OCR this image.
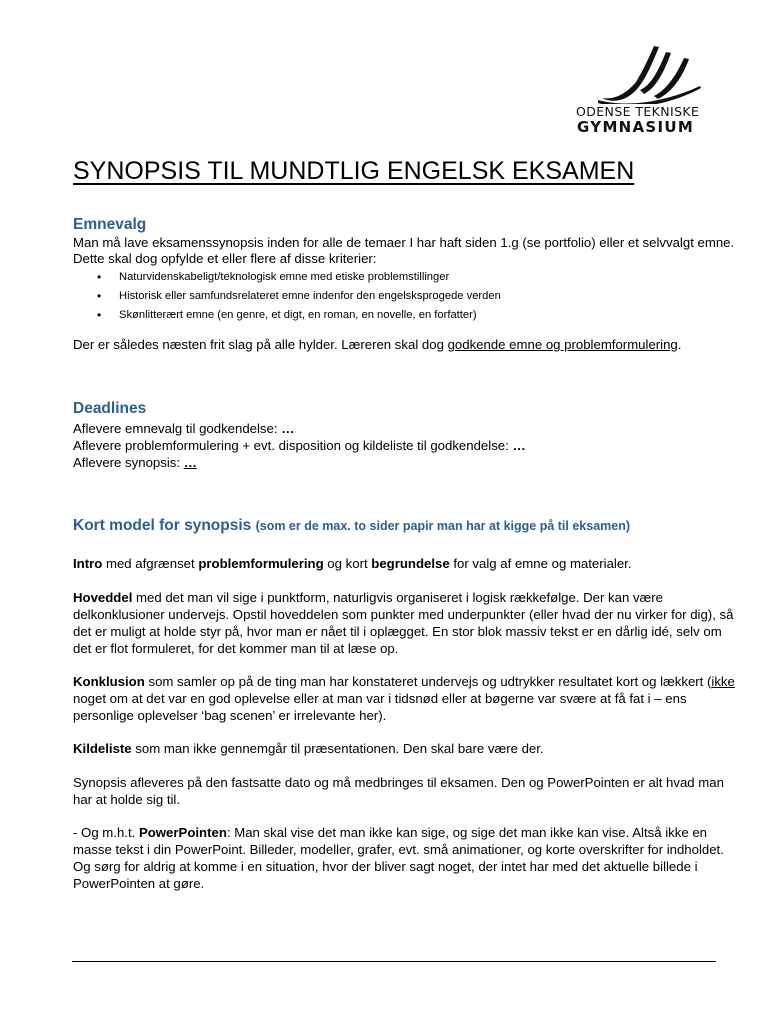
ODENSE TEKNISKE
GYMNASIUM
SYNOPSIS TIL MUNDTLIG ENGELSK EKSAMEN
Emnevalg
Man må lave eksamenssynopsis inden for alle de temaer I har haft siden 1.g (se portfolio) eller et selvvalgt emne.
Dette skal dog opfylde et eller flere af disse kriterier:
• Naturvidenskabeligt/teknologisk emne med etiske problemstillinger
• Historisk eller samfundsrelateret emne indenfor den engelsksprogede verden
• Skønlitterært emne (en genre, et digt, en roman, en novelle, en forfatter)
Der er således næsten frit slag på alle hylder. Læreren skal dog godkende emne og problemformulering.
Deadlines
Aflevere emnevalg til godkendelse: …
Aflevere problemformulering + evt. disposition og kildeliste til godkendelse: …
Aflevere synopsis: …
Kort model for synopsis (som er de max. to sider papir man har at kigge på til eksamen)
Intro med afgrænset problemformulering og kort begrundelse for valg af emne og materialer.
Hoveddel med det man vil sige i punktform, naturligvis organiseret i logisk rækkefølge. Der kan være
delkonklusioner undervejs. Opstil hoveddelen som punkter med underpunkter (eller hvad der nu virker for dig), så
det er muligt at holde styr på, hvor man er nået til i oplægget. En stor blok massiv tekst er en dårlig idé, selv om
det er flot formuleret, for det kommer man til at læse op.
Konklusion som samler op på de ting man har konstateret undervejs og udtrykker resultatet kort og lækkert (ikke
noget om at det var en god oplevelse eller at man var i tidsnød eller at bøgerne var svære at få fat i – ens
personlige oplevelser ‘bag scenen’ er irrelevante her).
Kildeliste som man ikke gennemgår til præsentationen. Den skal bare være der.
Synopsis afleveres på den fastsatte dato og må medbringes til eksamen. Den og PowerPointen er alt hvad man
har at holde sig til.
- Og m.h.t. PowerPointen: Man skal vise det man ikke kan sige, og sige det man ikke kan vise. Altså ikke en
masse tekst i din PowerPoint. Billeder, modeller, grafer, evt. små animationer, og korte overskrifter for indholdet.
Og sørg for aldrig at komme i en situation, hvor der bliver sagt noget, der intet har med det aktuelle billede i
PowerPointen at gøre.
